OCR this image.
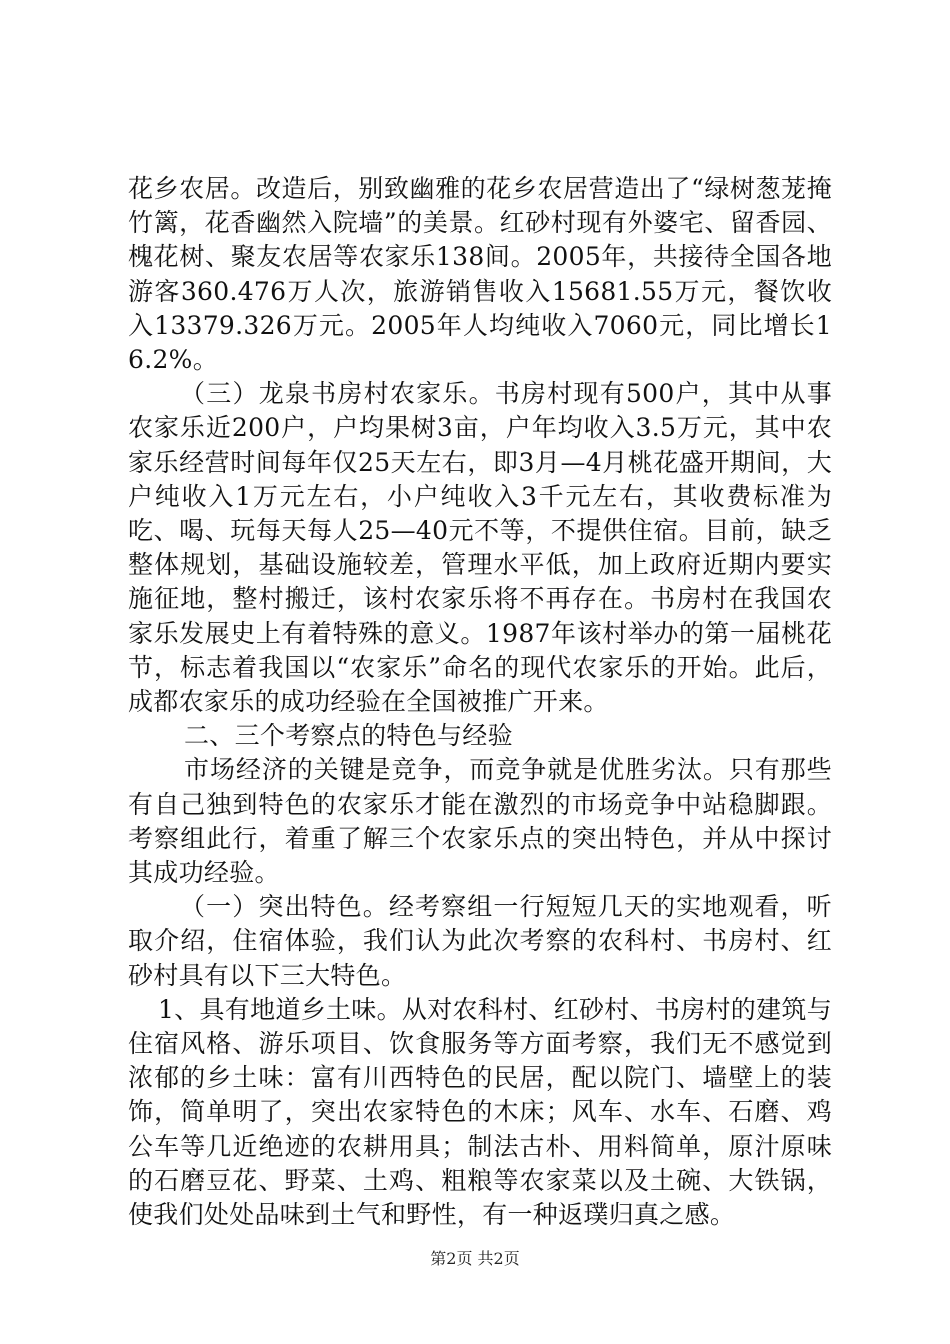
花乡农居。改造后，别致幽雅的花乡农居营造出了“绿树葱茏掩竹篱，花香幽然入院墙”的美景。红砂村现有外婆宅、留香园、槐花树、聚友农居等农家乐138间。2005年，共接待全国各地游客360.476万人次，旅游销售收入15681.55万元，餐饮收入13379.326万元。2005年人均纯收入7060元，同比增长16.2%。

（三）龙泉书房村农家乐。书房村现有500户，其中从事农家乐近200户，户均果树3亩，户年均收入3.5万元，其中农家乐经营时间每年仅25天左右，即3月—4月桃花盛开期间，大户纯收入1万元左右，小户纯收入3千元左右，其收费标准为吃、喝、玩每天每人25—40元不等，不提供住宿。目前，缺乏整体规划，基础设施较差，管理水平低，加上政府近期内要实施征地，整村搬迁，该村农家乐将不再存在。书房村在我国农家乐发展史上有着特殊的意义。1987年该村举办的第一届桃花节，标志着我国以“农家乐”命名的现代农家乐的开始。此后，成都农家乐的成功经验在全国被推广开来。

二、三个考察点的特色与经验

市场经济的关键是竞争，而竞争就是优胜劣汰。只有那些有自己独到特色的农家乐才能在激烈的市场竞争中站稳脚跟。考察组此行，着重了解三个农家乐点的突出特色，并从中探讨其成功经验。

（一）突出特色。经考察组一行短短几天的实地观看，听取介绍，住宿体验，我们认为此次考察的农科村、书房村、红砂村具有以下三大特色。

1、具有地道乡土味。从对农科村、红砂村、书房村的建筑与住宿风格、游乐项目、饮食服务等方面考察，我们无不感觉到浓郁的乡土味：富有川西特色的民居，配以院门、墙壁上的装饰，简单明了，突出农家特色的木床；风车、水车、石磨、鸡公车等几近绝迹的农耕用具；制法古朴、用料简单，原汁原味的石磨豆花、野菜、土鸡、粗粮等农家菜以及土碗、大铁锅，使我们处处品味到土气和野性，有一种返璞归真之感。

第2页 共2页
